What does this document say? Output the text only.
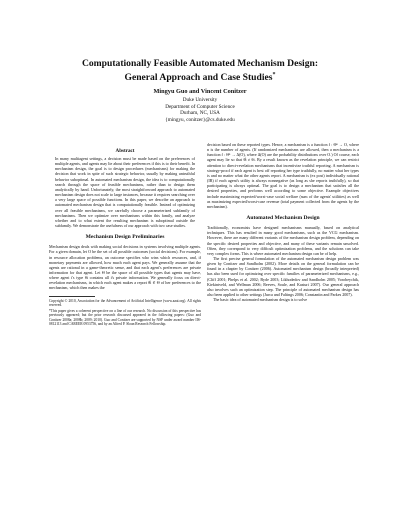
Computationally Feasible Automated Mechanism Design:
General Approach and Case Studies*
Mingyu Guo and Vincent Conitzer
Duke University
Department of Computer Science
Durham, NC, USA
{mingyu, conitzer}@cs.duke.edu
Abstract

In many multiagent settings, a decision must be made based on the preferences of multiple agents, and agents may lie about their preferences if this is to their benefit. In mechanism design, the goal is to design procedures (mechanisms) for making the decision that work in spite of such strategic behavior, usually by making untruthful behavior suboptimal. In automated mechanism design, the idea is to computationally search through the space of feasible mechanisms, rather than to design them analytically by hand. Unfortunately, the most straightforward approach to automated mechanism design does not scale to large instances, because it requires searching over a very large space of possible functions. In this paper, we describe an approach to automated mechanism design that is computationally feasible. Instead of optimizing over all feasible mechanisms, we carefully choose a parameterized subfamily of mechanisms. Then we optimize over mechanisms within this family, and analyze whether and to what extent the resulting mechanism is suboptimal outside the subfamily. We demonstrate the usefulness of our approach with two case studies.

Mechanism Design Preliminaries

Mechanism design deals with making social decisions in systems involving multiple agents. For a given domain, let O be the set of all possible outcomes (social decisions). For example, in resource allocation problems, an outcome specifies who wins which resources, and, if monetary payments are allowed, how much each agent pays. We generally assume that the agents are rational in a game-theoretic sense, and that each agent's preferences are private information for that agent. Let Θ be the space of all possible types that agents may have, where agent i's type θi contains all i's private information. We generally focus on direct-revelation mechanisms, in which each agent makes a report θ̂i ∈ Θ of her preferences to the mechanism, which then makes the

Copyright © 2010, Association for the Advancement of Artificial Intelligence (www.aaai.org). All rights reserved.

*This paper gives a coherent perspective on a line of our research. No discussion of this perspective has previously appeared; but the prior research discussed appeared in the following papers: (Guo and Conitzer 2008a; 2008b; 2009; 2010). Guo and Conitzer are supported by NSF under award number IIS-0812113 and CAREER 0953756, and by an Alfred P. Sloan Research Fellowship.

decision based on these reported types. Hence, a mechanism is a function f : Θⁿ → O, where n is the number of agents. (If randomized mechanisms are allowed, then a mechanism is a function f : Θⁿ → Δ(O), where Δ(O) are the probability distributions over O.) Of course, each agent may lie so that θ̂i ≠ θi. By a result known as the revelation principle, we can restrict attention to direct-revelation mechanisms that incentivize truthful reporting. A mechanism is strategy-proof if each agent is best off reporting her type truthfully, no matter what her types is and no matter what the other agents report. A mechanism is (ex post) individually rational (IR) if each agent's utility is always nonnegative (as long as she reports truthfully), so that participating is always optimal. The goal is to design a mechanism that satisfies all the desired properties, and performs well according to some objective. Example objectives include maximizing expected/worst-case social welfare (sum of the agents' utilities) as well as maximizing expected/worst-case revenue (total payment collected from the agents by the mechanism).

Automated Mechanism Design

Traditionally, economists have designed mechanisms manually, based on analytical techniques. This has resulted in many good mechanisms, such as the VCG mechanism. However, there are many different variants of the mechanism design problem, depending on the specific desired properties and objective, and many of these variants remain unsolved. Often, they correspond to very difficult optimization problems, and the solutions can take very complex forms. This is where automated mechanism design can be of help.

The first precise general formulation of the automated mechanism design problem was given by Conitzer and Sandholm (2002). More details on the general formulation can be found in a chapter by Conitzer (2006). Automated mechanism design (broadly interpreted) has also been used for optimizing over specific families of parameterized mechanisms, e.g., (Cliff 2001; Phelps et al. 2002; Byde 2003; Likhodedov and Sandholm 2005; Vorobeychik, Kiekintveld, and Wellman 2006; Reeves, Soule, and Kasturi 2007). Our general approach also involves such an optimization step. The principle of automated mechanism design has also been applied to other settings (Jurca and Faltings 2006; Constantin and Parkes 2007).

The basic idea of automated mechanism design is to solve
